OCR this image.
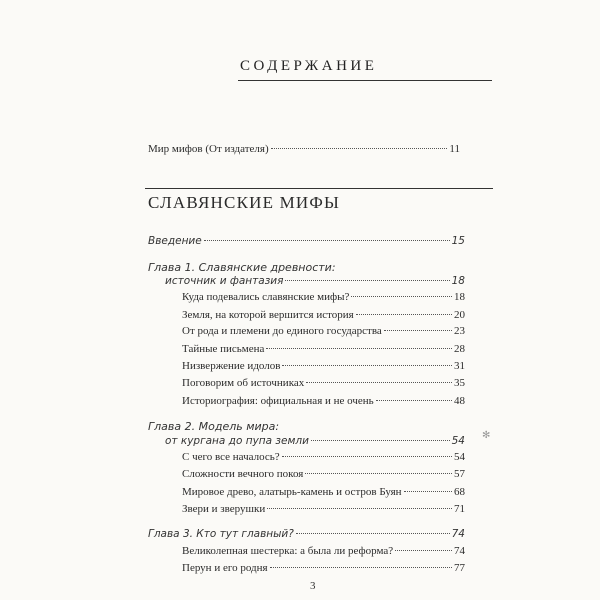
СОДЕРЖАНИЕ
Мир мифов (От издателя)	11
СЛАВЯНСКИЕ МИФЫ
Введение	15
Глава 1. Славянские древности:
источник и фантазия	18
Куда подевались славянские мифы?	18
Земля, на которой вершится история	20
От рода и племени до единого государства	23
Тайные письмена	28
Низвержение идолов	31
Поговорим об источниках	35
Историография: официальная и не очень	48
Глава 2. Модель мира:
от кургана до пупа земли	54 ✻
С чего все началось?	54
Сложности вечного покоя	57
Мировое древо, алатырь-камень и остров Буян	68
Звери и зверушки	71
Глава 3. Кто тут главный?	74
Великолепная шестерка: а была ли реформа?	74
Перун и его родня	77
3
